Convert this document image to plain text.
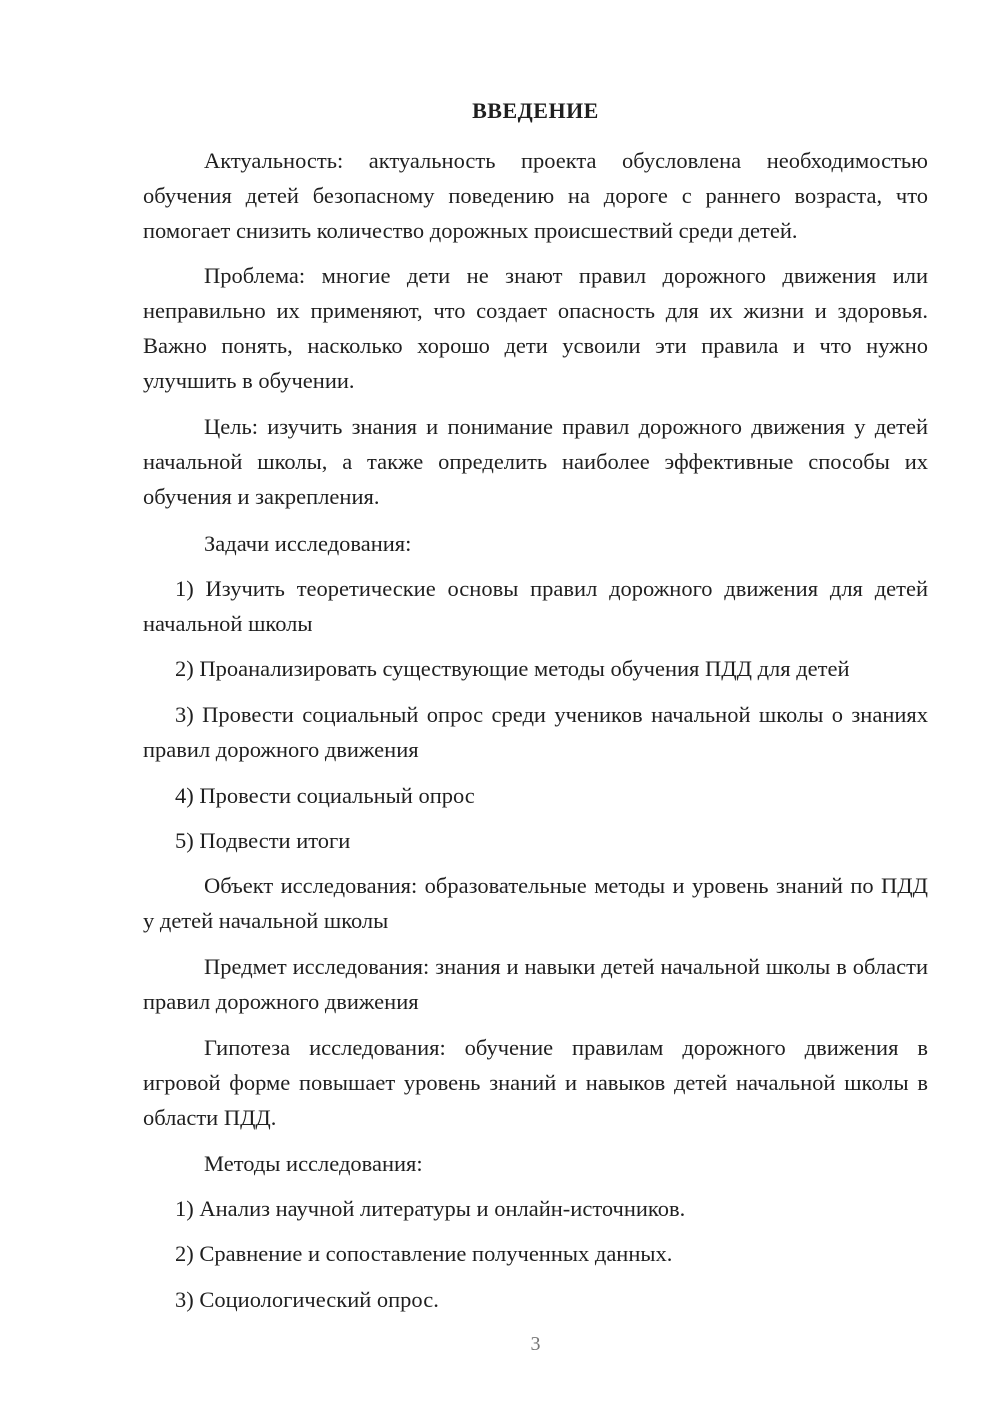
ВВЕДЕНИЕ
Актуальность: актуальность проекта обусловлена необходимостью обучения детей безопасному поведению на дороге с раннего возраста, что помогает снизить количество дорожных происшествий среди детей.
Проблема: многие дети не знают правил дорожного движения или неправильно их применяют, что создает опасность для их жизни и здоровья. Важно понять, насколько хорошо дети усвоили эти правила и что нужно улучшить в обучении.
Цель: изучить знания и понимание правил дорожного движения у детей начальной школы, а также определить наиболее эффективные способы их обучения и закрепления.
Задачи исследования:
1) Изучить теоретические основы правил дорожного движения для детей начальной школы
2) Проанализировать существующие методы обучения ПДД для детей
3) Провести социальный опрос среди учеников начальной школы о знаниях правил дорожного движения
4) Провести социальный опрос
5) Подвести итоги
Объект исследования: образовательные методы и уровень знаний по ПДД у детей начальной школы
Предмет исследования: знания и навыки детей начальной школы в области правил дорожного движения
Гипотеза исследования: обучение правилам дорожного движения в игровой форме повышает уровень знаний и навыков детей начальной школы в области ПДД.
Методы исследования:
1) Анализ научной литературы и онлайн-источников.
2) Сравнение и сопоставление полученных данных.
3) Социологический опрос.
3
